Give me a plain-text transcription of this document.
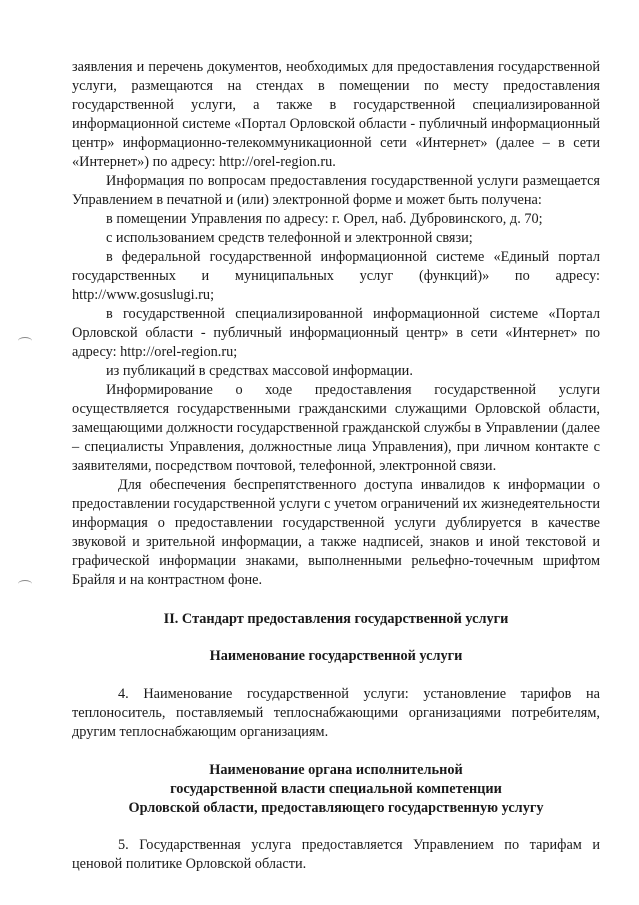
заявления и перечень документов, необходимых для предоставления государственной услуги, размещаются на стендах в помещении по месту предоставления государственной услуги, а также в государственной специализированной информационной системе «Портал Орловской области - публичный информационный центр» информационно-телекоммуникационной сети «Интернет» (далее – в сети «Интернет») по адресу: http://orel-region.ru.

Информация по вопросам предоставления государственной услуги размещается Управлением в печатной и (или) электронной форме и может быть получена:

в помещении Управления по адресу: г. Орел, наб. Дубровинского, д. 70;

с использованием средств телефонной и электронной связи;

в федеральной государственной информационной системе «Единый портал государственных и муниципальных услуг (функций)» по адресу: http://www.gosuslugi.ru;

в государственной специализированной информационной системе «Портал Орловской области - публичный информационный центр» в сети «Интернет» по адресу: http://orel-region.ru;

из публикаций в средствах массовой информации.

Информирование о ходе предоставления государственной услуги осуществляется государственными гражданскими служащими Орловской области, замещающими должности государственной гражданской службы в Управлении (далее – специалисты Управления, должностные лица Управления), при личном контакте с заявителями, посредством почтовой, телефонной, электронной связи.

Для обеспечения беспрепятственного доступа инвалидов к информации о предоставлении государственной услуги с учетом ограничений их жизнедеятельности информация о предоставлении государственной услуги дублируется в качестве звуковой и зрительной информации, а также надписей, знаков и иной текстовой и графической информации знаками, выполненными рельефно-точечным шрифтом Брайля и на контрастном фоне.

II. Стандарт предоставления государственной услуги
Наименование государственной услуги

4. Наименование государственной услуги: установление тарифов на теплоноситель, поставляемый теплоснабжающими организациями потребителям, другим теплоснабжающим организациям.

Наименование органа исполнительной
государственной власти специальной компетенции
Орловской области, предоставляющего государственную услугу

5. Государственная услуга предоставляется Управлением по тарифам и ценовой политике Орловской области.
